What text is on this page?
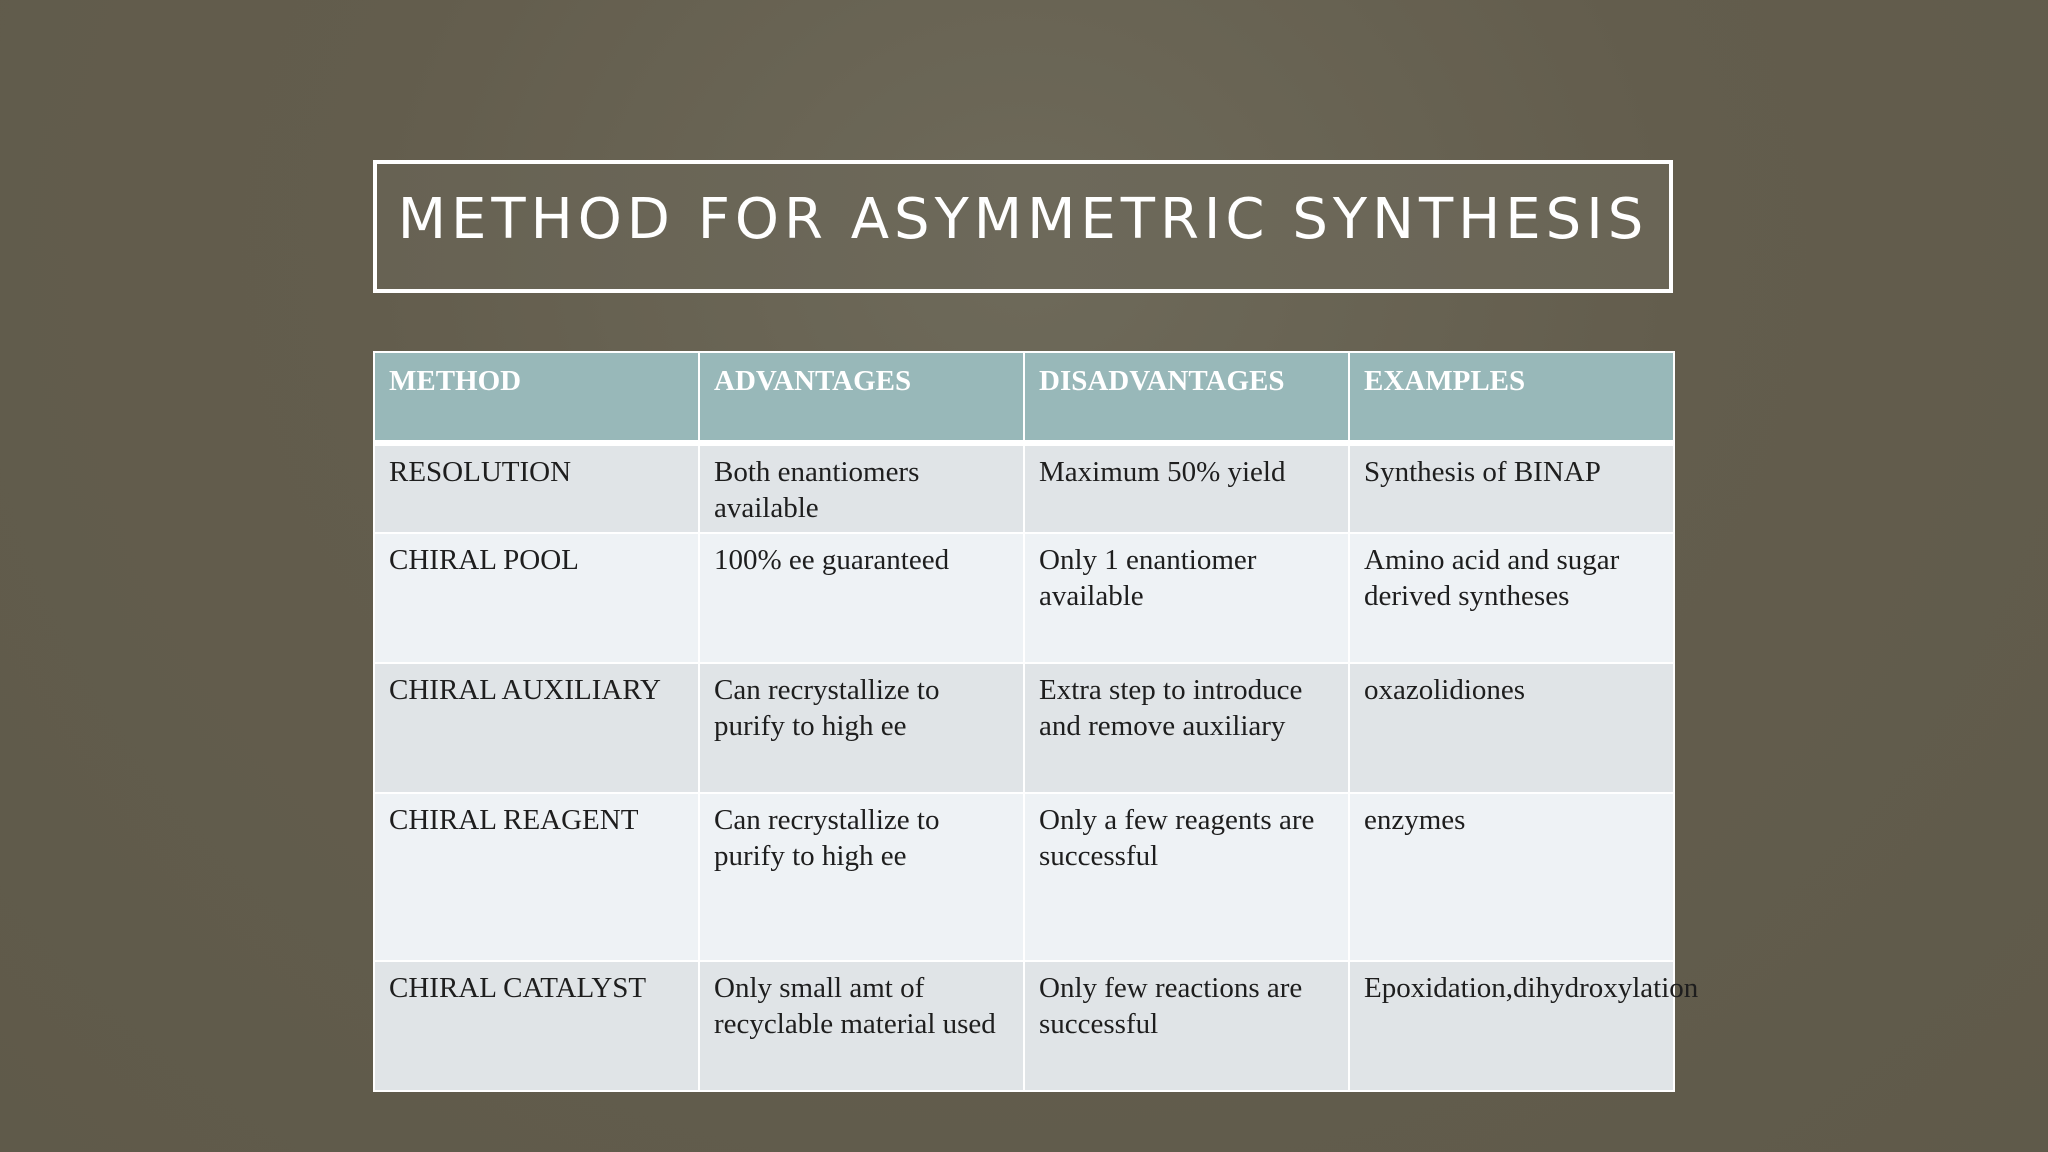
METHOD FOR ASYMMETRIC SYNTHESIS
METHOD	ADVANTAGES	DISADVANTAGES	EXAMPLES
RESOLUTION	Both enantiomers available	Maximum 50% yield	Synthesis of BINAP
CHIRAL POOL	100% ee guaranteed	Only 1 enantiomer available	Amino acid and sugar derived syntheses
CHIRAL AUXILIARY	Can recrystallize to purify to high ee	Extra step to introduce and remove auxiliary	oxazolidiones
CHIRAL REAGENT	Can recrystallize to purify to high ee	Only a few reagents are successful	enzymes
CHIRAL CATALYST	Only small amt of recyclable material used	Only few reactions are successful	Epoxidation,dihydroxylation
